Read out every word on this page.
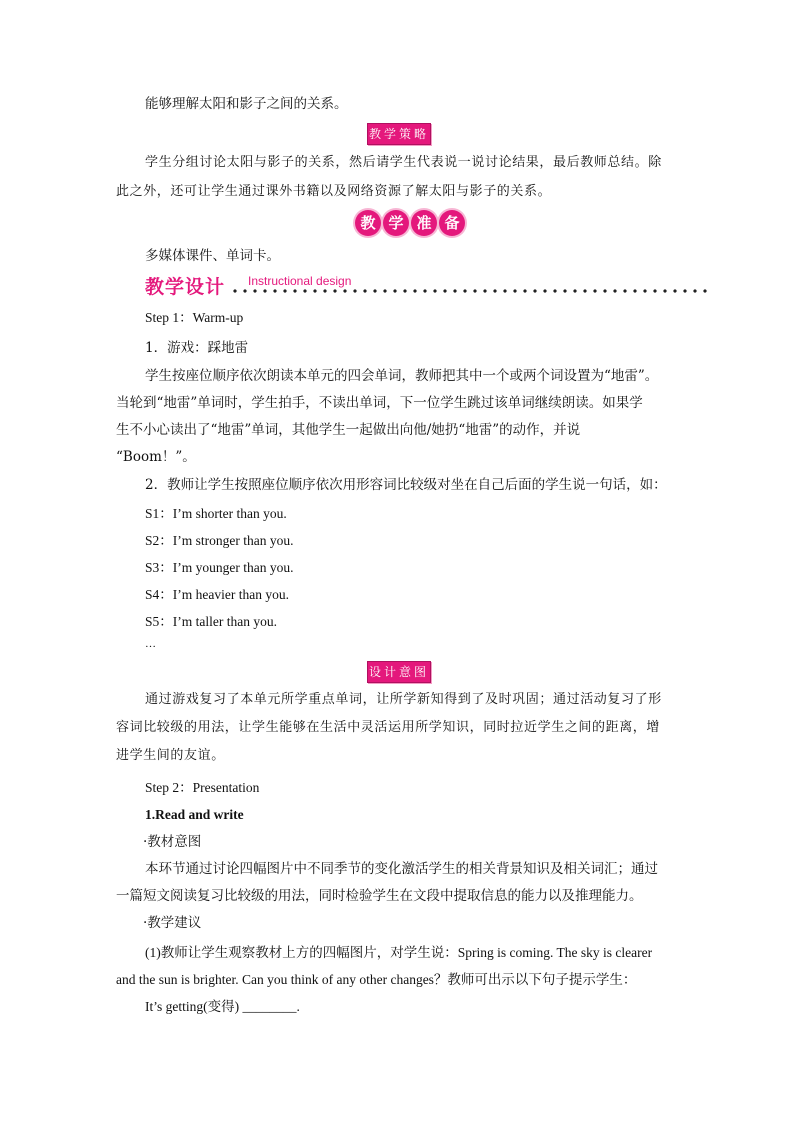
能够理解太阳和影子之间的关系。
教学策略
学生分组讨论太阳与影子的关系，然后请学生代表说一说讨论结果，最后教师总结。除
此之外，还可让学生通过课外书籍以及网络资源了解太阳与影子的关系。
教 学 准 备
多媒体课件、单词卡。
教学设计 Instructional design
Step 1：Warm-up
1．游戏：踩地雷
学生按座位顺序依次朗读本单元的四会单词，教师把其中一个或两个词设置为“地雷”。
当轮到“地雷”单词时，学生拍手，不读出单词，下一位学生跳过该单词继续朗读。如果学
生不小心读出了“地雷”单词，其他学生一起做出向他/她扔“地雷”的动作，并说
“Boom！”。
2．教师让学生按照座位顺序依次用形容词比较级对坐在自己后面的学生说一句话，如：
S1：I’m shorter than you.
S2：I’m stronger than you.
S3：I’m younger than you.
S4：I’m heavier than you.
S5：I’m taller than you.
…
设计意图
通过游戏复习了本单元所学重点单词，让所学新知得到了及时巩固；通过活动复习了形
容词比较级的用法，让学生能够在生活中灵活运用所学知识，同时拉近学生之间的距离，增
进学生间的友谊。
Step 2：Presentation
1.Read and write
·教材意图
本环节通过讨论四幅图片中不同季节的变化激活学生的相关背景知识及相关词汇；通过
一篇短文阅读复习比较级的用法，同时检验学生在文段中提取信息的能力以及推理能力。
·教学建议
(1)教师让学生观察教材上方的四幅图片，对学生说：Spring is coming. The sky is clearer
and the sun is brighter. Can you think of any other changes？教师可出示以下句子提示学生：
It’s getting(变得) ________.
